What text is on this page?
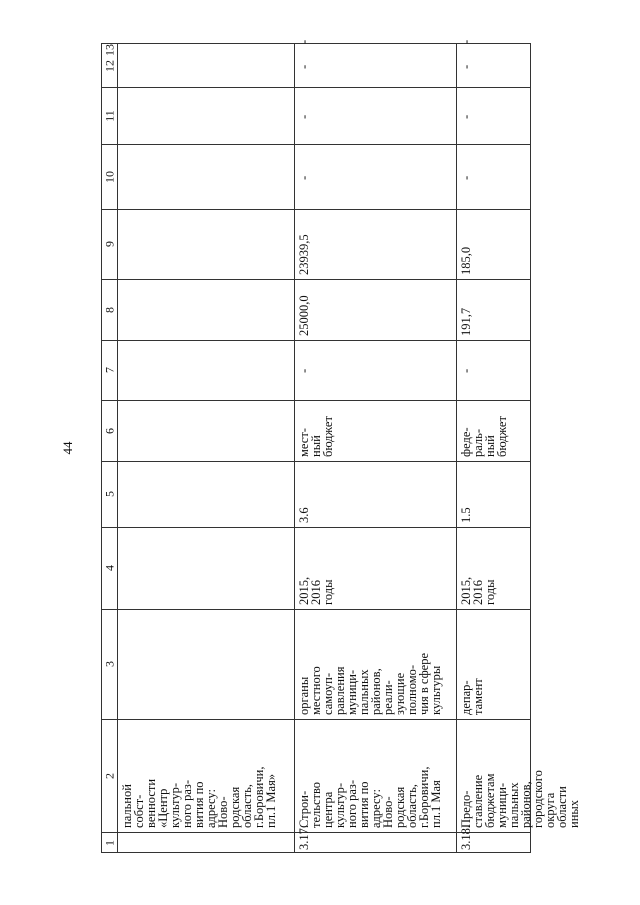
44
1
2
3
4
5
6
7
8
9
10
11
12
13
пальной
собст-
венности
«Центр
культур-
ного раз-
вития по
адресу:
Ново-
родская
область,
г.Боровичи,
пл.1 Мая»
3.17.
Строи-
тельство
центра
культур-
ного раз-
вития по
адресу:
Ново-
родская
область,
г.Боровичи,
пл.1 Мая
органы
местного
самоуп-
равления
муници-
пальных
районов,
реали-
зующие
полномо-
чия в сфере
культуры
2015,
2016
годы
3.6
мест-
ный
бюджет
-
25000,0
23939,5
-
-
-
-
3.18.
Предо-
ставление
бюджетам
муници-
пальных
районов,
городского
округа
области
иных
депар-
тамент
2015,
2016
годы
1.5
феде-
раль-
ный
бюджет
-
191,7
185,0
-
-
-
-
